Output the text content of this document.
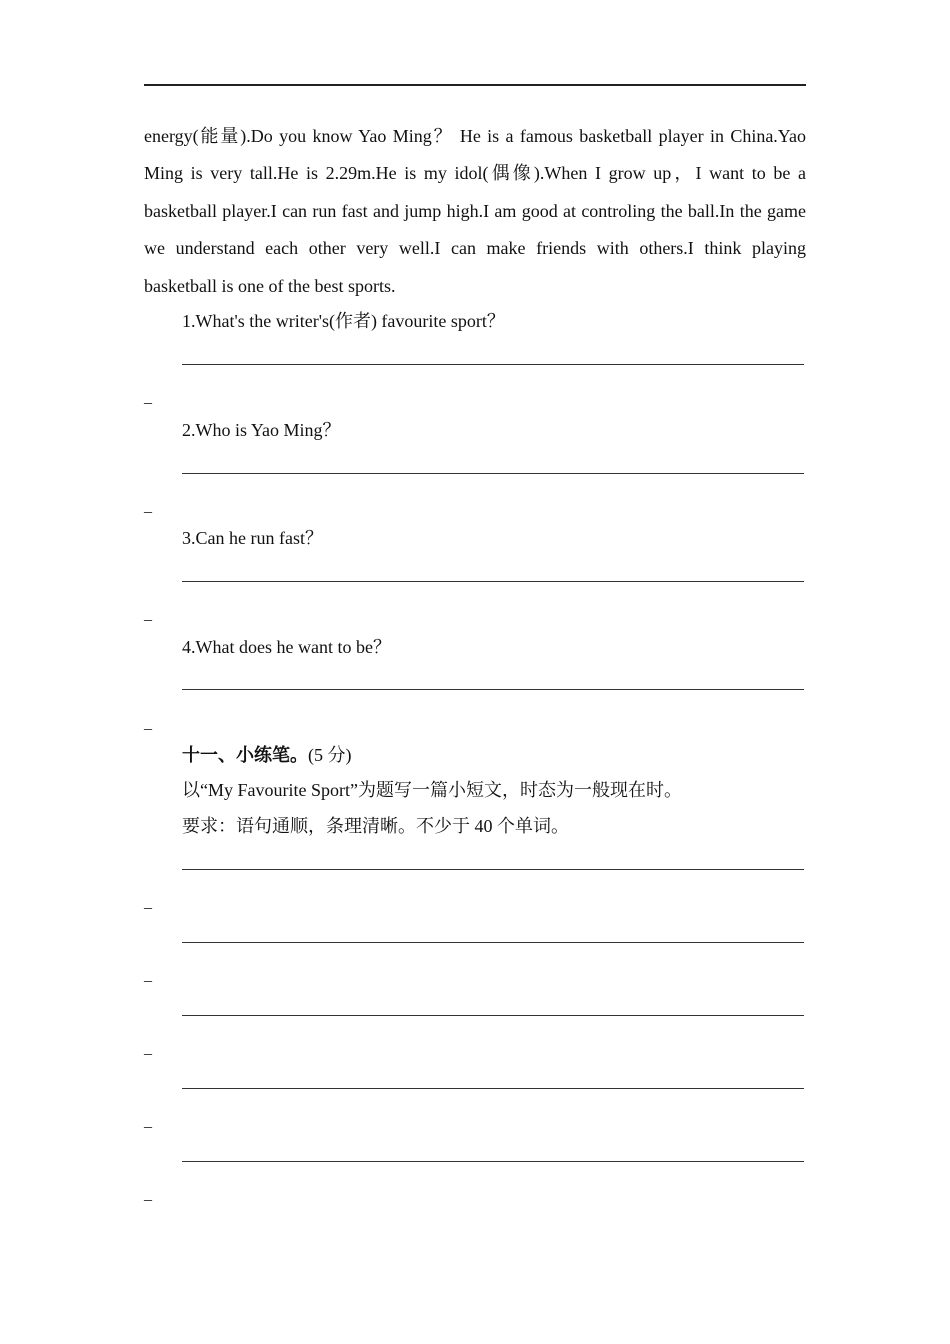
energy(能量).Do you know Yao Ming？ He is a famous basketball player in China.Yao Ming is very tall.He is 2.29m.He is my idol(偶像).When I grow up，I want to be a basketball player.I can run fast and jump high.I am good at controling the ball.In the game we understand each other very well.I can make friends with others.I think playing basketball is one of the best sports.

1.What's the writer's(作者) favourite sport？

_

2.Who is Yao Ming？

_

3.Can he run fast？

_

4.What does he want to be？

_

十一、小练笔。(5 分)

以“My Favourite Sport”为题写一篇小短文，时态为一般现在时。

要求：语句通顺，条理清晰。不少于 40 个单词。

_
_
_
_
_
